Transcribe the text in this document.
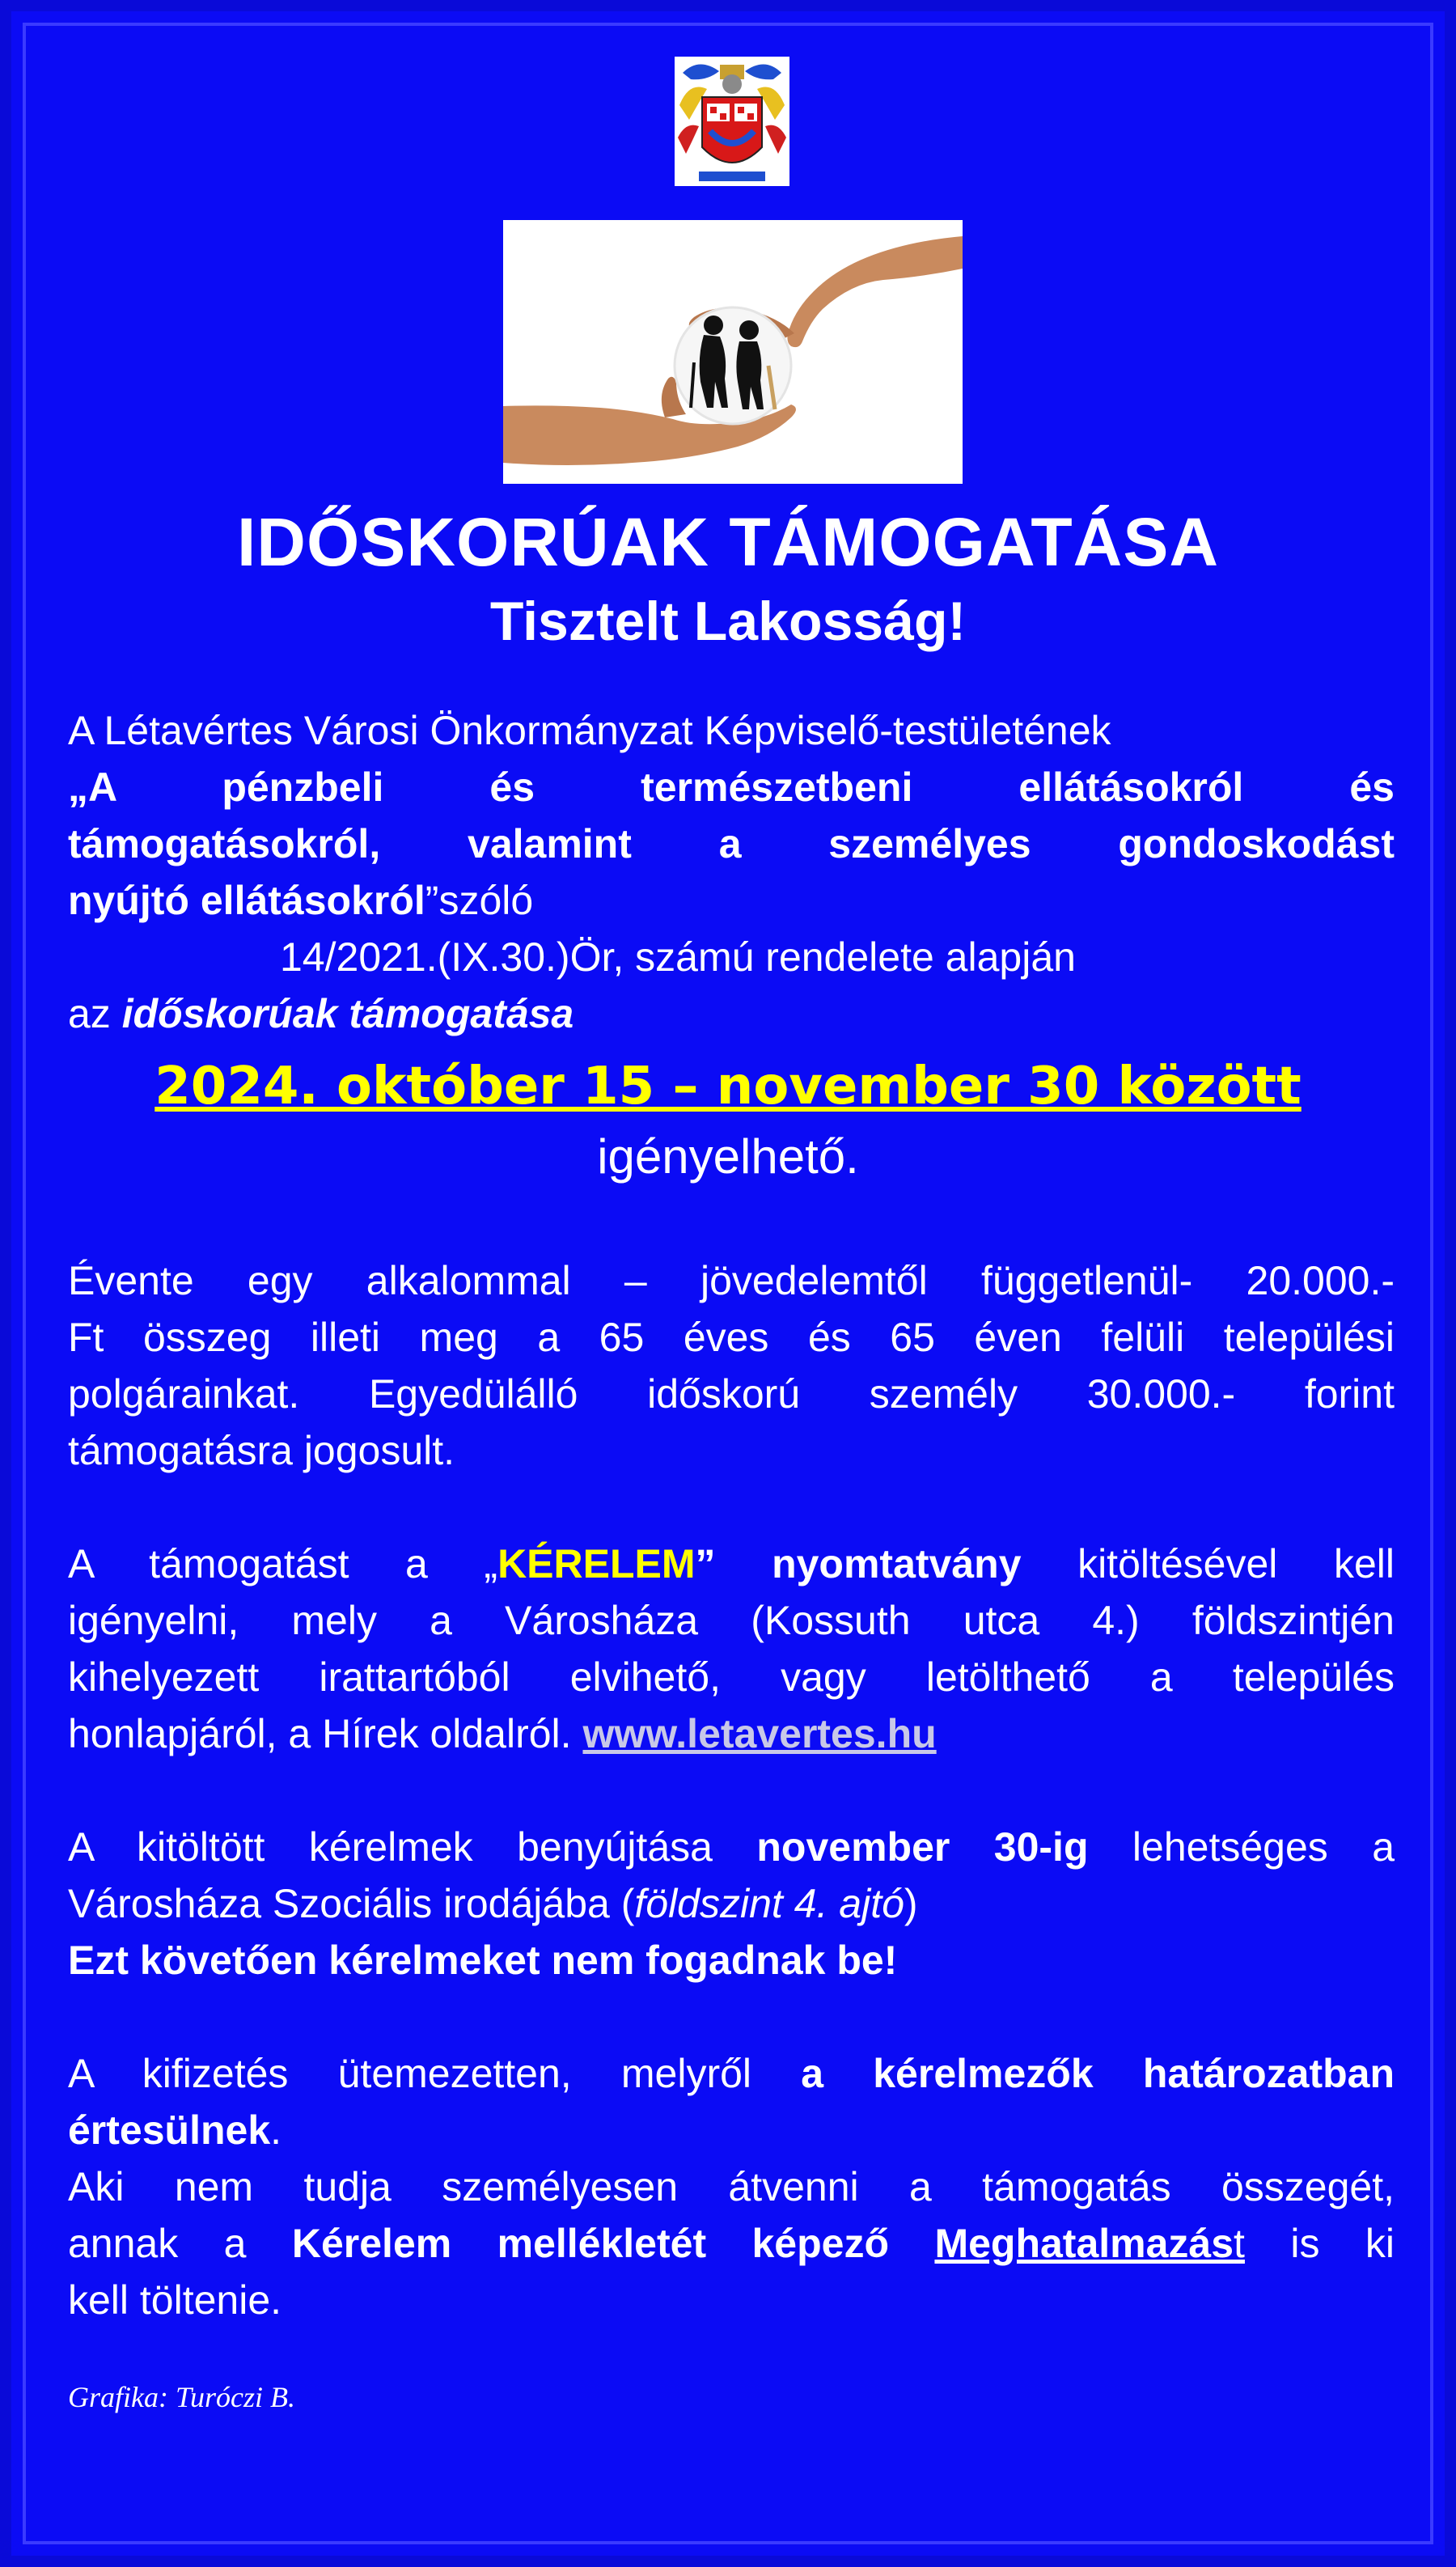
IDŐSKORÚAK TÁMOGATÁSA
Tisztelt Lakosság!
A Létavértes Városi Önkormányzat Képviselő-testületének
„A pénzbeli és természetbeni ellátásokról és
támogatásokról, valamint a személyes gondoskodást
nyújtó ellátásokról”szóló
14/2021.(IX.30.)Ör, számú rendelete alapján
az időskorúak támogatása
2024. október 15 – november 30 között
igényelhető.
Évente egy alkalommal – jövedelemtől függetlenül- 20.000.-
Ft összeg illeti meg a 65 éves és 65 éven felüli települési
polgárainkat. Egyedülálló időskorú személy 30.000.- forint
támogatásra jogosult.
A támogatást a „KÉRELEM” nyomtatvány kitöltésével kell
igényelni, mely a Városháza (Kossuth utca 4.) földszintjén
kihelyezett irattartóból elvihető, vagy letölthető a település
honlapjáról, a Hírek oldalról. www.letavertes.hu
A kitöltött kérelmek benyújtása november 30-ig lehetséges a
Városháza Szociális irodájába (földszint 4. ajtó)
Ezt követően kérelmeket nem fogadnak be!
A kifizetés ütemezetten, melyről a kérelmezők határozatban
értesülnek.
Aki nem tudja személyesen átvenni a támogatás összegét,
annak a Kérelem mellékletét képező Meghatalmazást is ki
kell töltenie.
Grafika: Turóczi B.
